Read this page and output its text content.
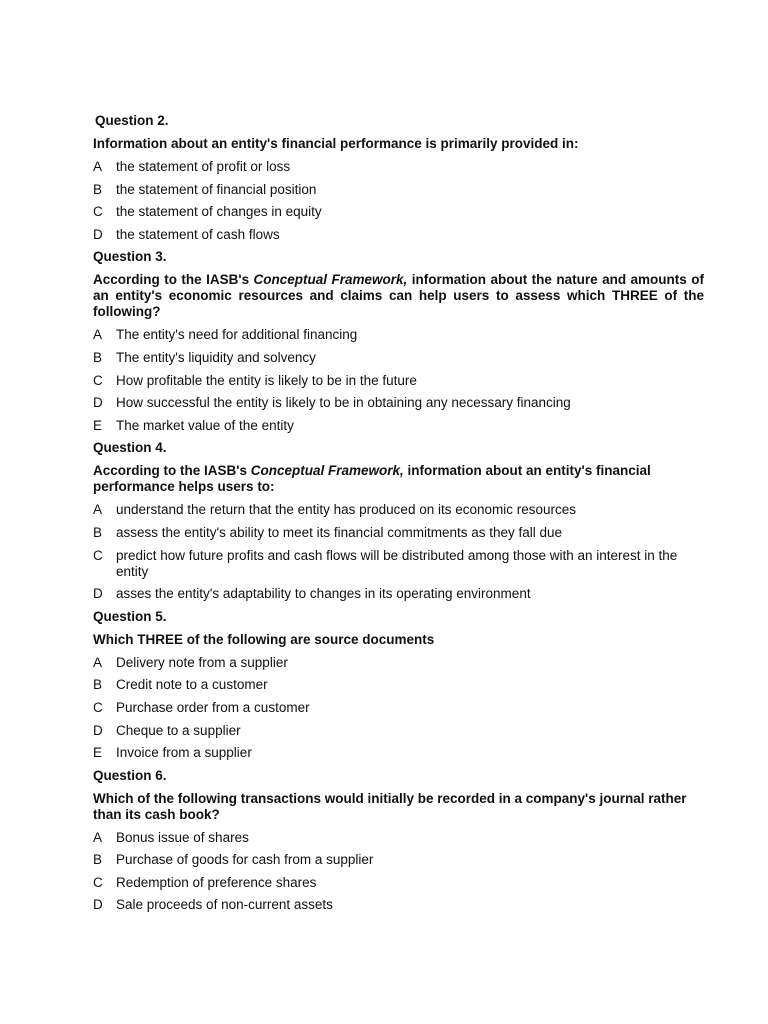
Question 2.

Information about an entity's financial performance is primarily provided in:

A	the statement of profit or loss
B	the statement of financial position
C the statement of changes in equity
D the statement of cash flows

Question 3.

According to the IASB's Conceptual Framework, information about the nature and amounts of an entity's economic resources and claims can help users to assess which THREE of the following?

A	The entity's need for additional financing
B	The entity's liquidity and solvency
C How profitable the entity is likely to be in the future
D How successful the entity is likely to be in obtaining any necessary financing
E	The market value of the entity

Question 4.

According to the IASB's Conceptual Framework, information about an entity's financial performance helps users to:

A	understand the return that the entity has produced on its economic resources
B	assess the entity's ability to meet its financial commitments as they fall due
C predict how future profits and cash flows will be distributed among those with an interest in the entity
D asses the entity's adaptability to changes in its operating environment

Question 5.

Which THREE of the following are source documents

A	Delivery note from a supplier
B	Credit note to a customer
C Purchase order from a customer
D Cheque to a supplier
E	Invoice from a supplier

Question 6.

Which of the following transactions would initially be recorded in a company's journal rather than its cash book?

A	Bonus issue of shares
B	Purchase of goods for cash from a supplier
C Redemption of preference shares
D Sale proceeds of non-current assets
